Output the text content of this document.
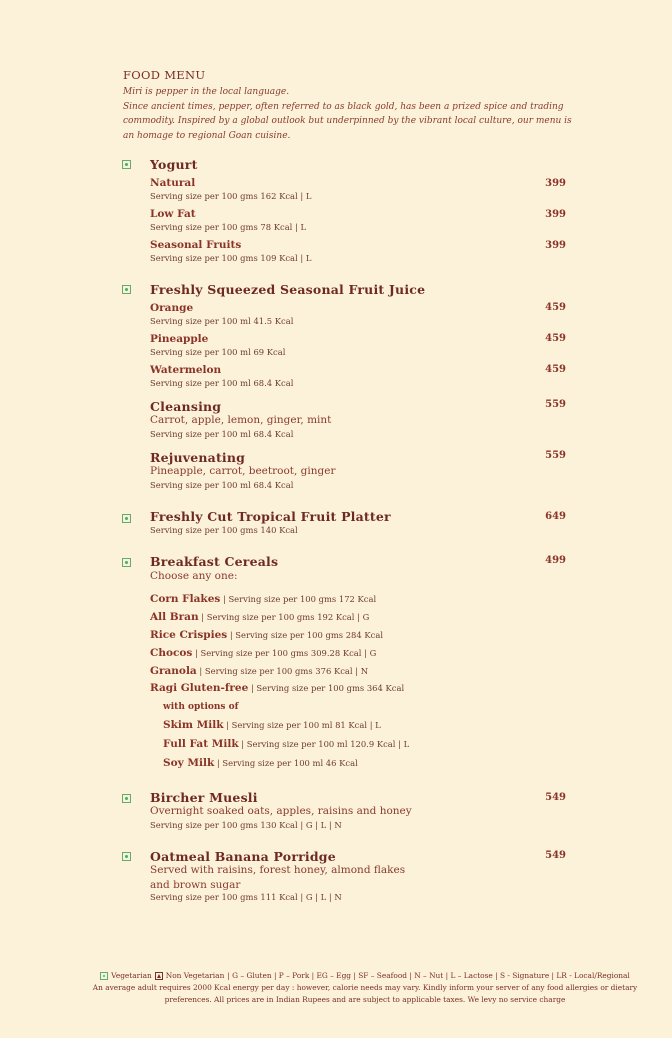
FOOD MENU

Miri is pepper in the local language.

Since ancient times, pepper, often referred to as black gold, has been a prized spice and trading commodity. Inspired by a global outlook but underpinned by the vibrant local culture, our menu is an homage to regional Goan cuisine.

Yogurt
Natural	399
Serving size per 100 gms 162 Kcal | L
Low Fat	399
Serving size per 100 gms 78 Kcal | L
Seasonal Fruits	399
Serving size per 100 gms 109 Kcal | L
Freshly Squeezed Seasonal Fruit Juice
Orange	459
Serving size per 100 ml 41.5 Kcal
Pineapple	459
Serving size per 100 ml 69 Kcal
Watermelon	459
Serving size per 100 ml 68.4 Kcal
Cleansing	559
Carrot, apple, lemon, ginger, mint
Serving size per 100 ml 68.4 Kcal
Rejuvenating	559
Pineapple, carrot, beetroot, ginger
Serving size per 100 ml 68.4 Kcal
Freshly Cut Tropical Fruit Platter	649
Serving size per 100 gms 140 Kcal
Breakfast Cereals	499
Choose any one:
Corn Flakes | Serving size per 100 gms 172 Kcal
All Bran | Serving size per 100 gms 192 Kcal | G
Rice Crispies | Serving size per 100 gms 284 Kcal
Chocos | Serving size per 100 gms 309.28 Kcal | G
Granola | Serving size per 100 gms 376 Kcal | N
Ragi Gluten-free | Serving size per 100 gms 364 Kcal
with options of
Skim Milk | Serving size per 100 ml 81 Kcal | L
Full Fat Milk | Serving size per 100 ml 120.9 Kcal | L
Soy Milk | Serving size per 100 ml 46 Kcal
Bircher Muesli	549
Overnight soaked oats, apples, raisins and honey
Serving size per 100 gms 130 Kcal | G | L | N
Oatmeal Banana Porridge	549
Served with raisins, forest honey, almond flakes and brown sugar
Serving size per 100 gms 111 Kcal | G | L | N
Vegetarian Non Vegetarian | G – Gluten | P – Pork | EG – Egg | SF – Seafood | N – Nut | L – Lactose | S - Signature | LR - Local/Regional
An average adult requires 2000 Kcal energy per day : however, calorie needs may vary. Kindly inform your server of any food allergies or dietary preferences. All prices are in Indian Rupees and are subject to applicable taxes. We levy no service charge
